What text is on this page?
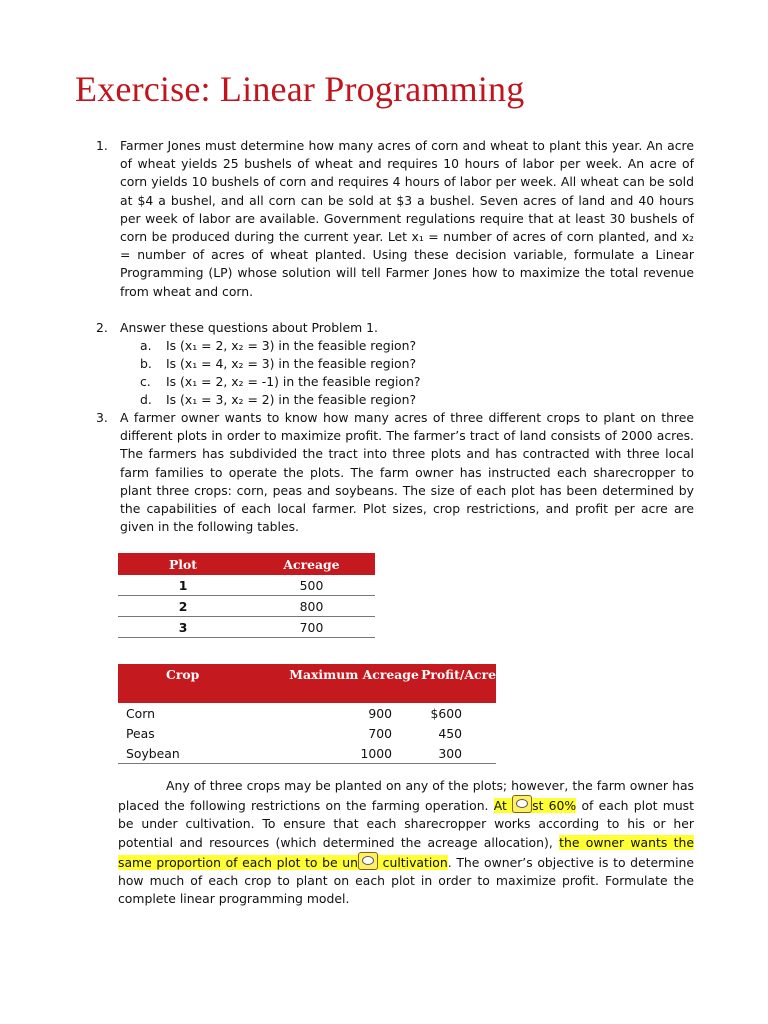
Exercise: Linear Programming
1. Farmer Jones must determine how many acres of corn and wheat to plant this year. An acre of wheat yields 25 bushels of wheat and requires 10 hours of labor per week. An acre of corn yields 10 bushels of corn and requires 4 hours of labor per week. All wheat can be sold at $4 a bushel, and all corn can be sold at $3 a bushel. Seven acres of land and 40 hours per week of labor are available. Government regulations require that at least 30 bushels of corn be produced during the current year. Let x₁ = number of acres of corn planted, and x₂ = number of acres of wheat planted. Using these decision variable, formulate a Linear Programming (LP) whose solution will tell Farmer Jones how to maximize the total revenue from wheat and corn.
2. Answer these questions about Problem 1.
a. Is (x₁ = 2, x₂ = 3) in the feasible region?
b. Is (x₁ = 4, x₂ = 3) in the feasible region?
c. Is (x₁ = 2, x₂ = -1) in the feasible region?
d. Is (x₁ = 3, x₂ = 2) in the feasible region?
3. A farmer owner wants to know how many acres of three different crops to plant on three different plots in order to maximize profit. The farmer’s tract of land consists of 2000 acres. The farmers has subdivided the tract into three plots and has contracted with three local farm families to operate the plots. The farm owner has instructed each sharecropper to plant three crops: corn, peas and soybeans. The size of each plot has been determined by the capabilities of each local farmer. Plot sizes, crop restrictions, and profit per acre are given in the following tables.
Plot	Acreage
1	500
2	800
3	700
Crop	Maximum Acreage	Profit/Acre
Corn	900	$600
Peas	700	450
Soybean	1000	300
Any of three crops may be planted on any of the plots; however, the farm owner has placed the following restrictions on the farming operation. At st 60% of each plot must be under cultivation. To ensure that each sharecropper works according to his or her potential and resources (which determined the acreage allocation), the owner wants the same proportion of each plot to be un cultivation. The owner’s objective is to determine how much of each crop to plant on each plot in order to maximize profit. Formulate the complete linear programming model.
